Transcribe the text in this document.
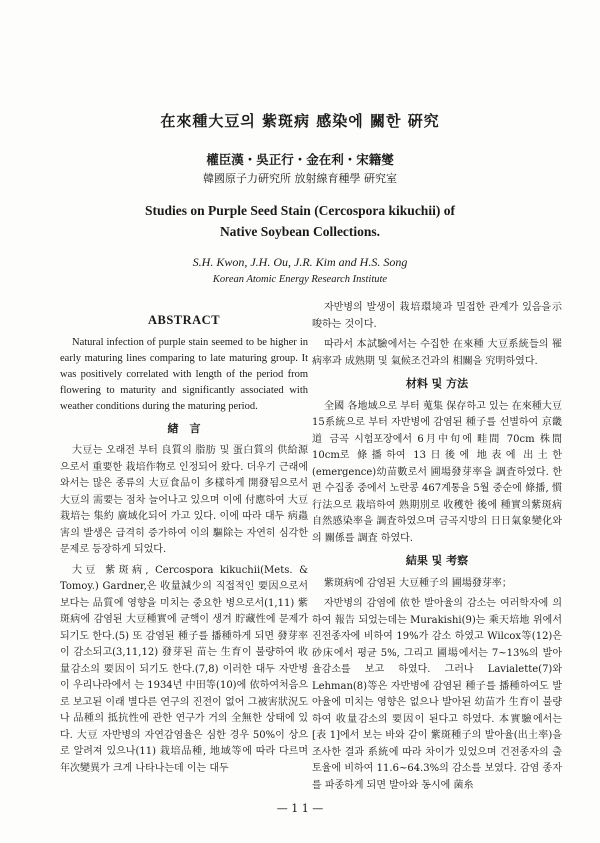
在來種大豆의 紫斑病 感染에 關한 硏究
權臣漢・吳正行・金在利・宋籍燮
韓國原子力硏究所 放射線育種學 硏究室
Studies on Purple Seed Stain (Cercospora kikuchii) of
Native Soybean Collections.
S.H. Kwon, J.H. Ou, J.R. Kim and H.S. Song
Korean Atomic Energy Research Institute
ABSTRACT

Natural infection of purple stain seemed to be higher in early maturing lines comparing to late maturing group. It was positively correlated with length of the period from flowering to maturity and significantly associated with weather conditions during the maturing period.

緖　言

大豆는 오래전 부터 良質의 脂肪 및 蛋白質의 供給源으로서 重要한 栽培作物로 인정되어 왔다. 더우기 근래에 와서는 많은 종류의 大豆食品이 多樣하게 開發됨으로서 大豆의 需要는 점차 늘어나고 있으며 이에 付應하여 大豆栽培는 集約 廣域化되어 가고 있다. 이에 따라 대두 病蟲害의 발생은 급격히 증가하여 이의 驅除는 자연히 심각한 문제로 등장하게 되었다.

大豆 紫斑病, Cercospora kikuchii(Mets. & Tomoy.) Gardner,은 收量減少의 직접적인 要因으로서 보다는 品質에 영향을 미치는 중요한 병으로서(1,11) 紫斑病에 감염된 大豆種實에 균핵이 생겨 貯藏性에 문제가 되기도 한다.(5) 또 감염된 種子를 播種하게 되면 發芽率이 감소되고(3,11,12) 發芽된 苗는 生育이 불량하여 收量감소의 要因이 되기도 한다.(7,8) 이러한 대두 자반병이 우리나라에서 는 1934년 中田等(10)에 依하여처음으로 보고된 이래 별다른 연구의 진전이 없어 그被害狀況도나 品種의 抵抗性에 관한 연구가 거의 全無한 상태에 있다. 大豆 자반병의 자연감염율은 심한 경우 50%이 상으로 알려져 있으나(11) 栽培品種, 地域等에 따라 다르며 年次變異가 크게 나타나는데 이는 대두

자반병의 발생이 栽培環境과 밀접한 관계가 있음을示唆하는 것이다.

따라서 本試驗에서는 수집한 在來種 大豆系統들의 罹病率과 成熟期 및 氣候조건과의 相關을 究明하였다.

材料 및 方法

全國 各地域으로 부터 蒐集 保存하고 있는 在來種大豆 15系統으로 부터 자반병에 감염된 種子를 선별하여 京畿道 금곡 시험포장에서 6月中旬에 畦間 70cm 株間 10cm로 條播하여 13日後에 地表에 出土한(emergence)幼苗數로서 圃場發芽率을 調査하였다. 한편 수집종 중에서 노란콩 467계통을 5월 중순에 條播, 慣行法으로 栽培하여 熟期別로 收穫한 後에 種實의紫斑病自然感染率을 調査하였으며 금곡지방의 日日氣象變化와의 關係를 調査 하였다.

結果 및 考察

紫斑病에 감염된 大豆種子의 圃場發芽率；

자반병의 감염에 依한 발아율의 감소는 여러학자에 의하여 報告 되었는데는 Murakishi(9)는 乘天培地 위에서진전종자에 비하여 19%가 감소 하였고 Wilcox等(12)은 砂床에서 평균 5%, 그리고 圃場에서는 7~13%의 발아율감소를 보고 하였다. 그러나 Lavialette(7)와 Lehman(8)等은 자반병에 감염된 種子를 播種하여도 발아율에 미치는 영향은 없으나 발아된 幼苗가 生育이 불량하여 收量감소의 要因이 된다고 하였다. 本實驗에서는 [表 1]에서 보는 바와 같이 紫斑種子의 발아율(出土率)을 조사한 결과 系統에 따라 차이가 있었으며 건전종자의 출토율에 비하여 11.6~64.3%의 감소를 보였다. 감염 종자를 파종하게 되면 발아와 동시에 菌糸

— 1 1 —
